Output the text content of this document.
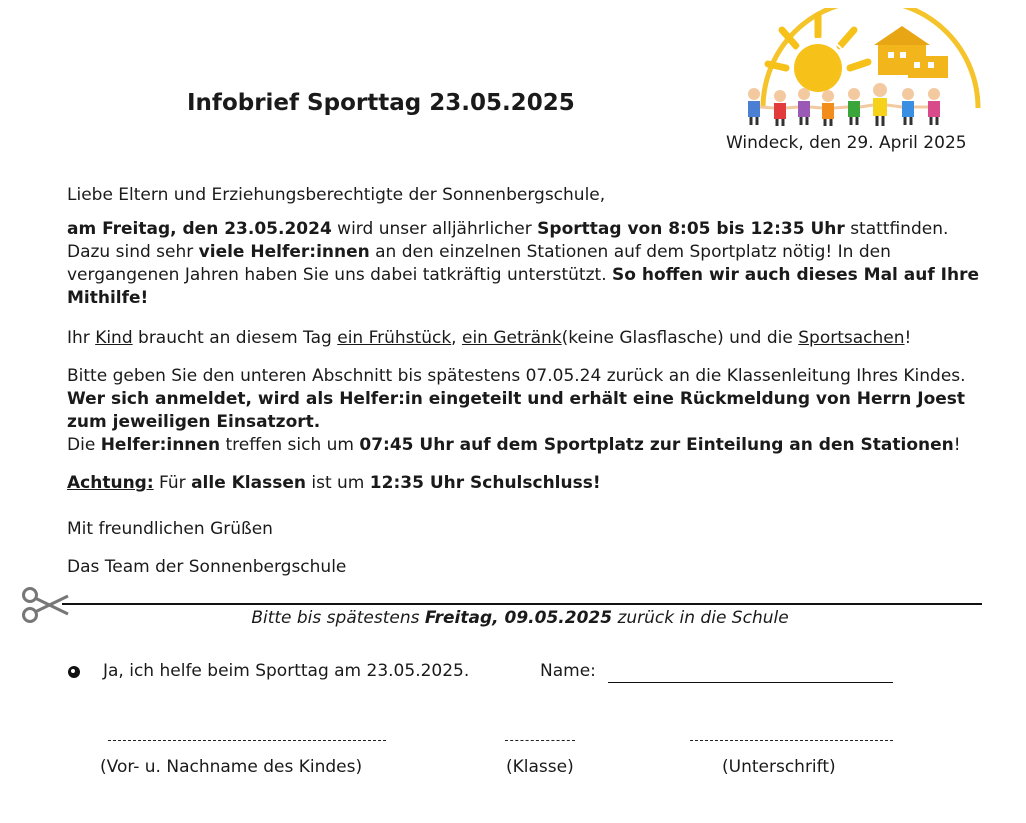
Infobrief Sporttag 23.05.2025
Windeck, den 29. April 2025
Liebe Eltern und Erziehungsberechtigte der Sonnenbergschule,
am Freitag, den 23.05.2024 wird unser alljährlicher Sporttag von 8:05 bis 12:35 Uhr stattfinden. Dazu sind sehr viele Helfer:innen an den einzelnen Stationen auf dem Sportplatz nötig! In den vergangenen Jahren haben Sie uns dabei tatkräftig unterstützt. So hoffen wir auch dieses Mal auf Ihre Mithilfe!
Ihr Kind braucht an diesem Tag ein Frühstück, ein Getränk(keine Glasflasche) und die Sportsachen!
Bitte geben Sie den unteren Abschnitt bis spätestens 07.05.24 zurück an die Klassenleitung Ihres Kindes. Wer sich anmeldet, wird als Helfer:in eingeteilt und erhält eine Rückmeldung von Herrn Joest zum jeweiligen Einsatzort.
Die Helfer:innen treffen sich um 07:45 Uhr auf dem Sportplatz zur Einteilung an den Stationen!
Achtung: Für alle Klassen ist um 12:35 Uhr Schulschluss!
Mit freundlichen Grüßen
Das Team der Sonnenbergschule
Bitte bis spätestens Freitag, 09.05.2025 zurück in die Schule
Ja, ich helfe beim Sporttag am 23.05.2025.	Name:
(Vor- u. Nachname des Kindes)	(Klasse)	(Unterschrift)
